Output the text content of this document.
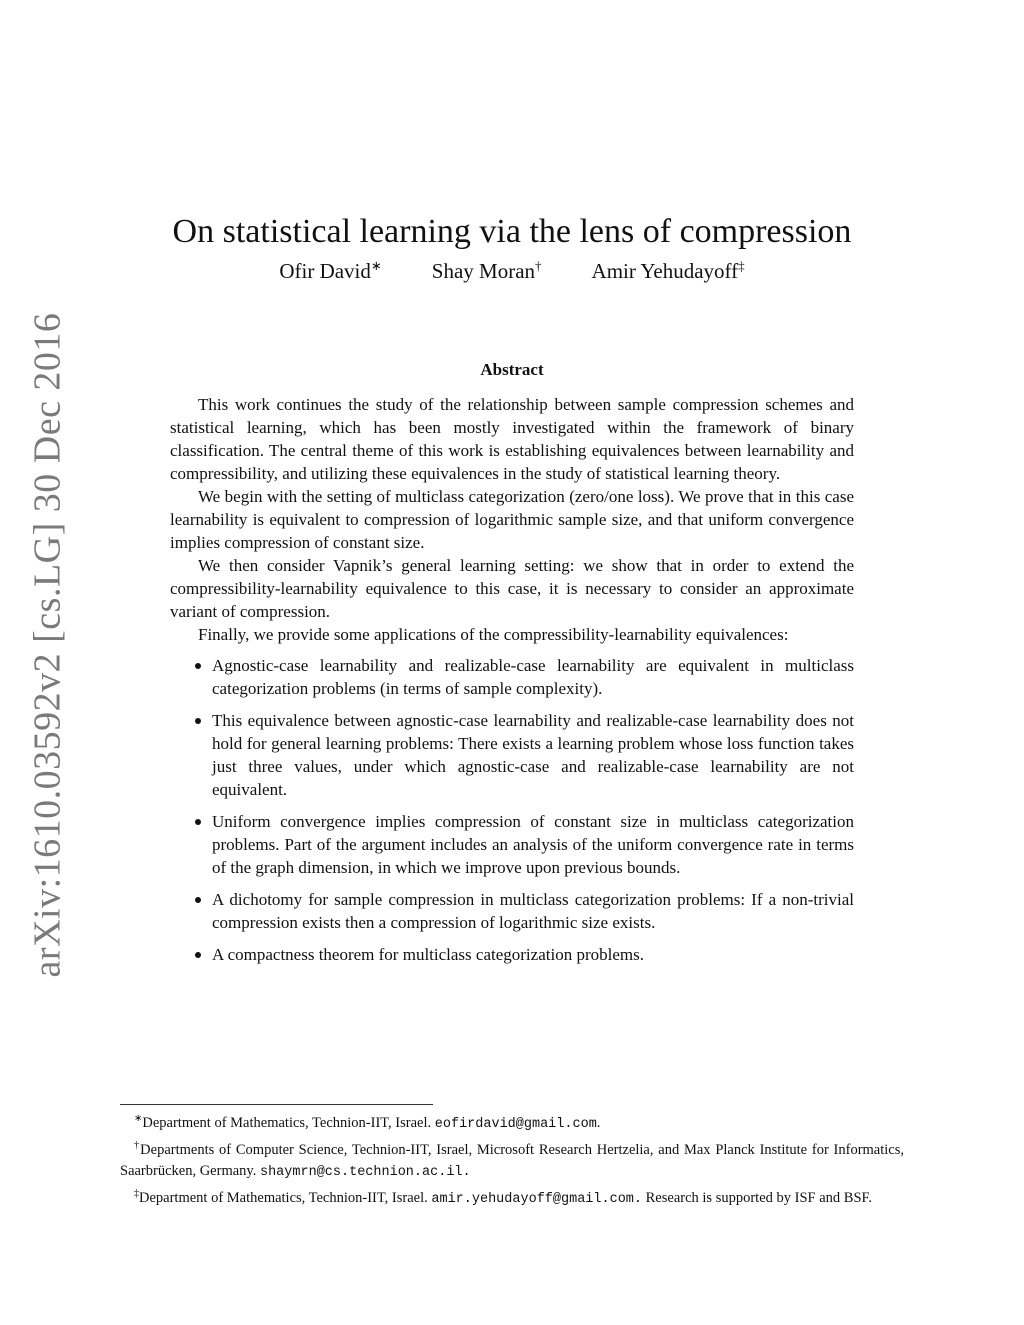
arXiv:1610.03592v2 [cs.LG] 30 Dec 2016
On statistical learning via the lens of compression
Ofir David∗ Shay Moran† Amir Yehudayoff‡
Abstract

This work continues the study of the relationship between sample compression schemes and statistical learning, which has been mostly investigated within the framework of binary classification. The central theme of this work is establishing equivalences between learnability and compressibility, and utilizing these equivalences in the study of statistical learning theory.

We begin with the setting of multiclass categorization (zero/one loss). We prove that in this case learnability is equivalent to compression of logarithmic sample size, and that uniform convergence implies compression of constant size.

We then consider Vapnik’s general learning setting: we show that in order to extend the compressibility-learnability equivalence to this case, it is necessary to consider an approximate variant of compression.

Finally, we provide some applications of the compressibility-learnability equivalences:

Agnostic-case learnability and realizable-case learnability are equivalent in multiclass categorization problems (in terms of sample complexity).
This equivalence between agnostic-case learnability and realizable-case learnability does not hold for general learning problems: There exists a learning problem whose loss function takes just three values, under which agnostic-case and realizable-case learnability are not equivalent.
Uniform convergence implies compression of constant size in multiclass categorization problems. Part of the argument includes an analysis of the uniform convergence rate in terms of the graph dimension, in which we improve upon previous bounds.
A dichotomy for sample compression in multiclass categorization problems: If a non-trivial compression exists then a compression of logarithmic size exists.
A compactness theorem for multiclass categorization problems.

∗Department of Mathematics, Technion-IIT, Israel. eofirdavid@gmail.com.

†Departments of Computer Science, Technion-IIT, Israel, Microsoft Research Hertzelia, and Max Planck Institute for Informatics, Saarbrücken, Germany. shaymrn@cs.technion.ac.il.

‡Department of Mathematics, Technion-IIT, Israel. amir.yehudayoff@gmail.com. Research is supported by ISF and BSF.
